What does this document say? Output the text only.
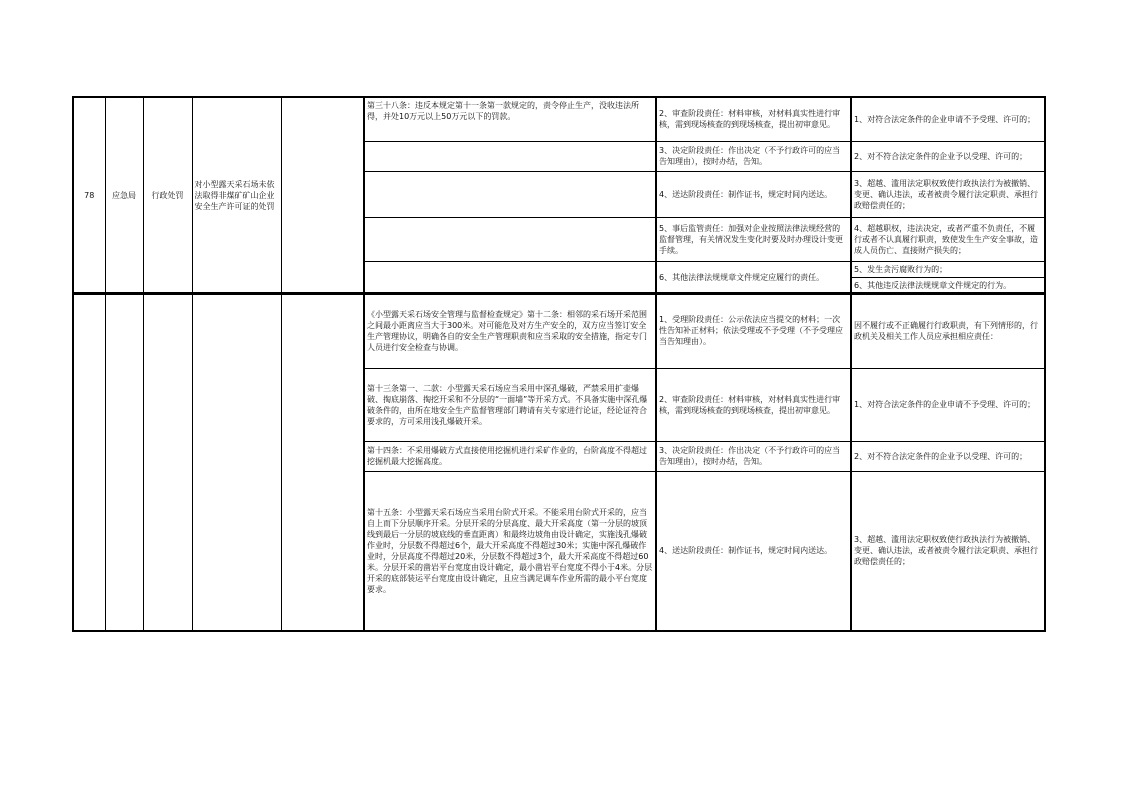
78	应急局	行政处罚	对小型露天采石场未依法取得非煤矿矿山企业安全生产许可证的处罚		第三十八条：违反本规定第十一条第一款规定的，责令停止生产，没收违法所得，并处10万元以上50万元以下的罚款。	2、审查阶段责任：材料审核，对材料真实性进行审核，需到现场核查的到现场核查，提出初审意见。	1、对符合法定条件的企业申请不予受理、许可的；
						3、决定阶段责任：作出决定（不予行政许可的应当告知理由），按时办结，告知。	2、对不符合法定条件的企业予以受理、许可的；
						4、送达阶段责任：制作证书，规定时间内送达。	3、超越、滥用法定职权致使行政执法行为被撤销、变更、确认违法，或者被责令履行法定职责、承担行政赔偿责任的；
						5、事后监管责任：加强对企业按照法律法规经营的监督管理，有关情况发生变化时要及时办理设计变更手续。	4、超越职权，违法决定，或者严重不负责任，不履行或者不认真履行职责，致使发生生产安全事故，造成人员伤亡、直接财产损失的；
						6、其他法律法规规章文件规定应履行的责任。	5、发生贪污腐败行为的；
							6、其他违反法律法规规章文件规定的行为。
					《小型露天采石场安全管理与监督检查规定》第十二条：相邻的采石场开采范围之间最小距离应当大于300米。对可能危及对方生产安全的，双方应当签订安全生产管理协议，明确各自的安全生产管理职责和应当采取的安全措施，指定专门人员进行安全检查与协调。	1、受理阶段责任：公示依法应当提交的材料；一次性告知补正材料；依法受理或不予受理（不予受理应当告知理由）。	因不履行或不正确履行行政职责，有下列情形的，行政机关及相关工作人员应承担相应责任：
					第十三条第一、二款：小型露天采石场应当采用中深孔爆破，严禁采用扩壶爆破、掏底崩落、掏挖开采和不分层的“一面墙”等开采方式。不具备实施中深孔爆破条件的，由所在地安全生产监督管理部门聘请有关专家进行论证，经论证符合要求的，方可采用浅孔爆破开采。	2、审查阶段责任：材料审核，对材料真实性进行审核，需到现场核查的到现场核查，提出初审意见。	1、对符合法定条件的企业申请不予受理、许可的；
					第十四条：不采用爆破方式直接使用挖掘机进行采矿作业的，台阶高度不得超过挖掘机最大挖掘高度。	3、决定阶段责任：作出决定（不予行政许可的应当告知理由），按时办结，告知。	2、对不符合法定条件的企业予以受理、许可的；
					第十五条：小型露天采石场应当采用台阶式开采。不能采用台阶式开采的，应当自上而下分层顺序开采。分层开采的分层高度、最大开采高度（第一分层的坡顶线到最后一分层的坡底线的垂直距离）和最终边坡角由设计确定，实施浅孔爆破作业时，分层数不得超过6个，最大开采高度不得超过30米；实施中深孔爆破作业时，分层高度不得超过20米，分层数不得超过3个，最大开采高度不得超过60米。分层开采的凿岩平台宽度由设计确定，最小凿岩平台宽度不得小于4米。分层开采的底部装运平台宽度由设计确定，且应当满足调车作业所需的最小平台宽度要求。	4、送达阶段责任：制作证书，规定时间内送达。	3、超越、滥用法定职权致使行政执法行为被撤销、变更、确认违法，或者被责令履行法定职责、承担行政赔偿责任的；
